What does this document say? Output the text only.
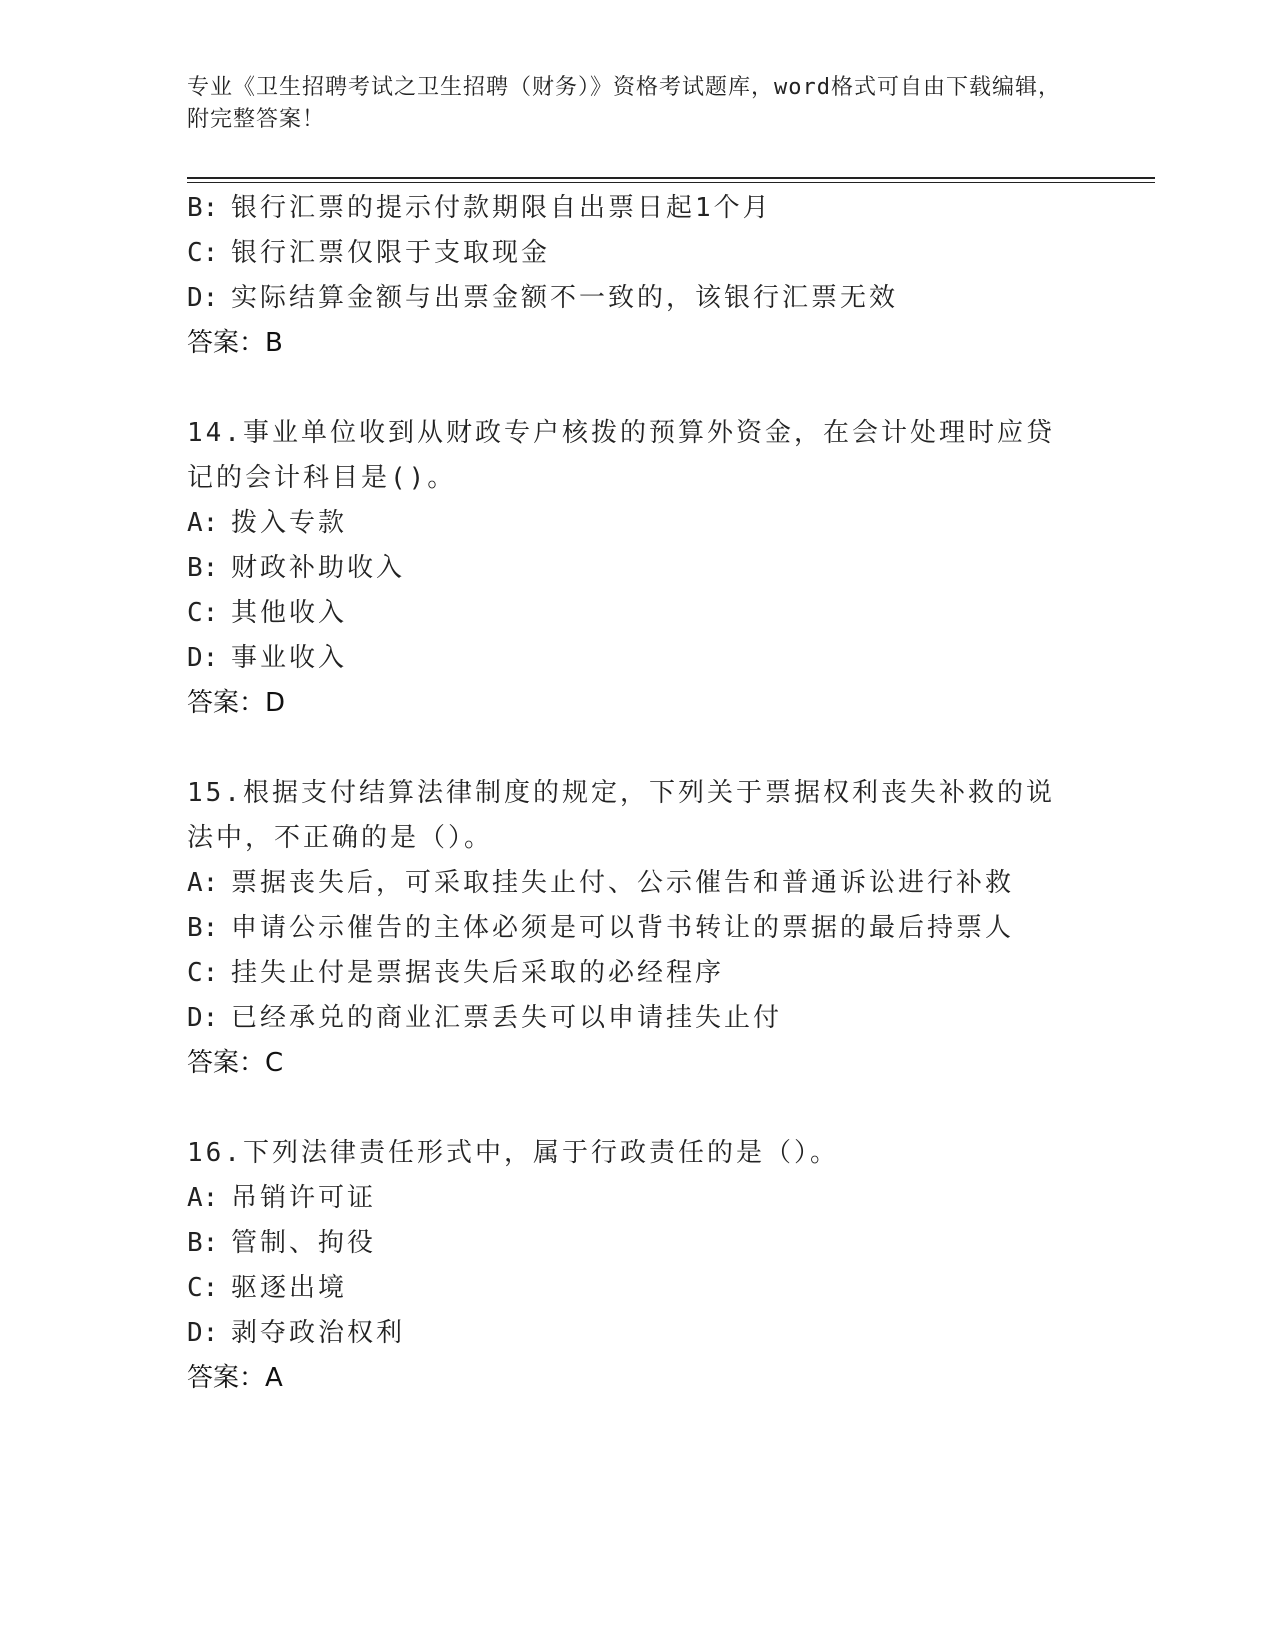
专业《卫生招聘考试之卫生招聘（财务）》资格考试题库，word格式可自由下载编辑，附完整答案！
B: 银行汇票的提示付款期限自出票日起1个月
C: 银行汇票仅限于支取现金
D: 实际结算金额与出票金额不一致的，该银行汇票无效
答案：B
14.事业单位收到从财政专户核拨的预算外资金，在会计处理时应贷记的会计科目是()。
A: 拨入专款
B: 财政补助收入
C: 其他收入
D: 事业收入
答案：D
15.根据支付结算法律制度的规定，下列关于票据权利丧失补救的说法中，不正确的是（）。
A: 票据丧失后，可采取挂失止付、公示催告和普通诉讼进行补救
B: 申请公示催告的主体必须是可以背书转让的票据的最后持票人
C: 挂失止付是票据丧失后采取的必经程序
D: 已经承兑的商业汇票丢失可以申请挂失止付
答案：C
16.下列法律责任形式中，属于行政责任的是（）。
A: 吊销许可证
B: 管制、拘役
C: 驱逐出境
D: 剥夺政治权利
答案：A
